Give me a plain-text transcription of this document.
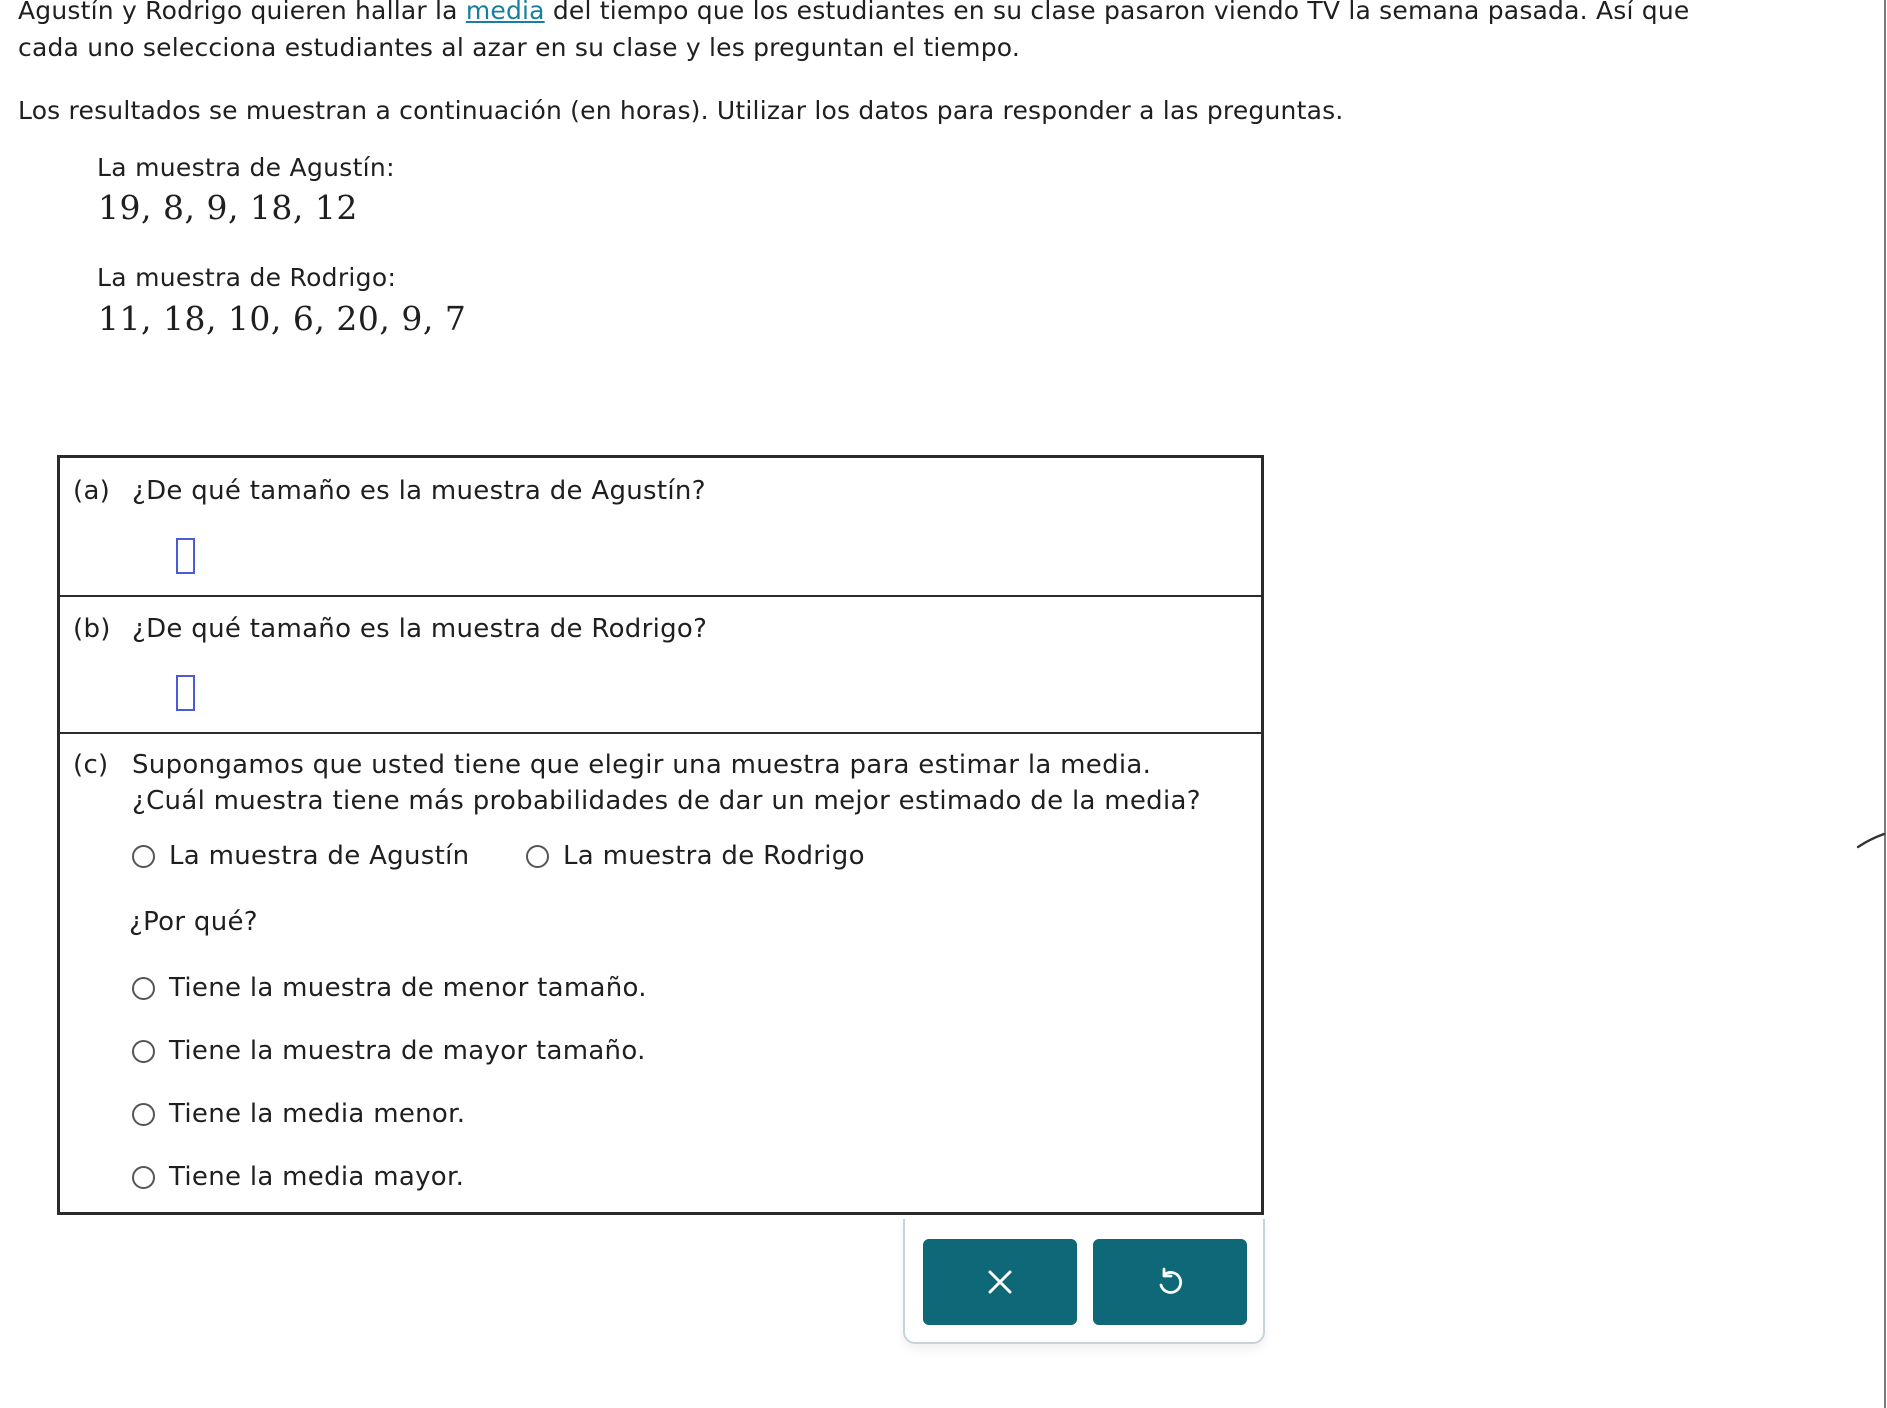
Agustín y Rodrigo quieren hallar la media del tiempo que los estudiantes en su clase pasaron viendo TV la semana pasada. Así que

cada uno selecciona estudiantes al azar en su clase y les preguntan el tiempo.

Los resultados se muestran a continuación (en horas). Utilizar los datos para responder a las preguntas.

La muestra de Agustín:
19, 8, 9, 18, 12
La muestra de Rodrigo:
11, 18, 10, 6, 20, 9, 7
(a) ¿De qué tamaño es la muestra de Agustín?
(b) ¿De qué tamaño es la muestra de Rodrigo?
(c) Supongamos que usted tiene que elegir una muestra para estimar la media.
¿Cuál muestra tiene más probabilidades de dar un mejor estimado de la media?
La muestra de Agustín	La muestra de Rodrigo
¿Por qué?
Tiene la muestra de menor tamaño.
Tiene la muestra de mayor tamaño.
Tiene la media menor.
Tiene la media mayor.
